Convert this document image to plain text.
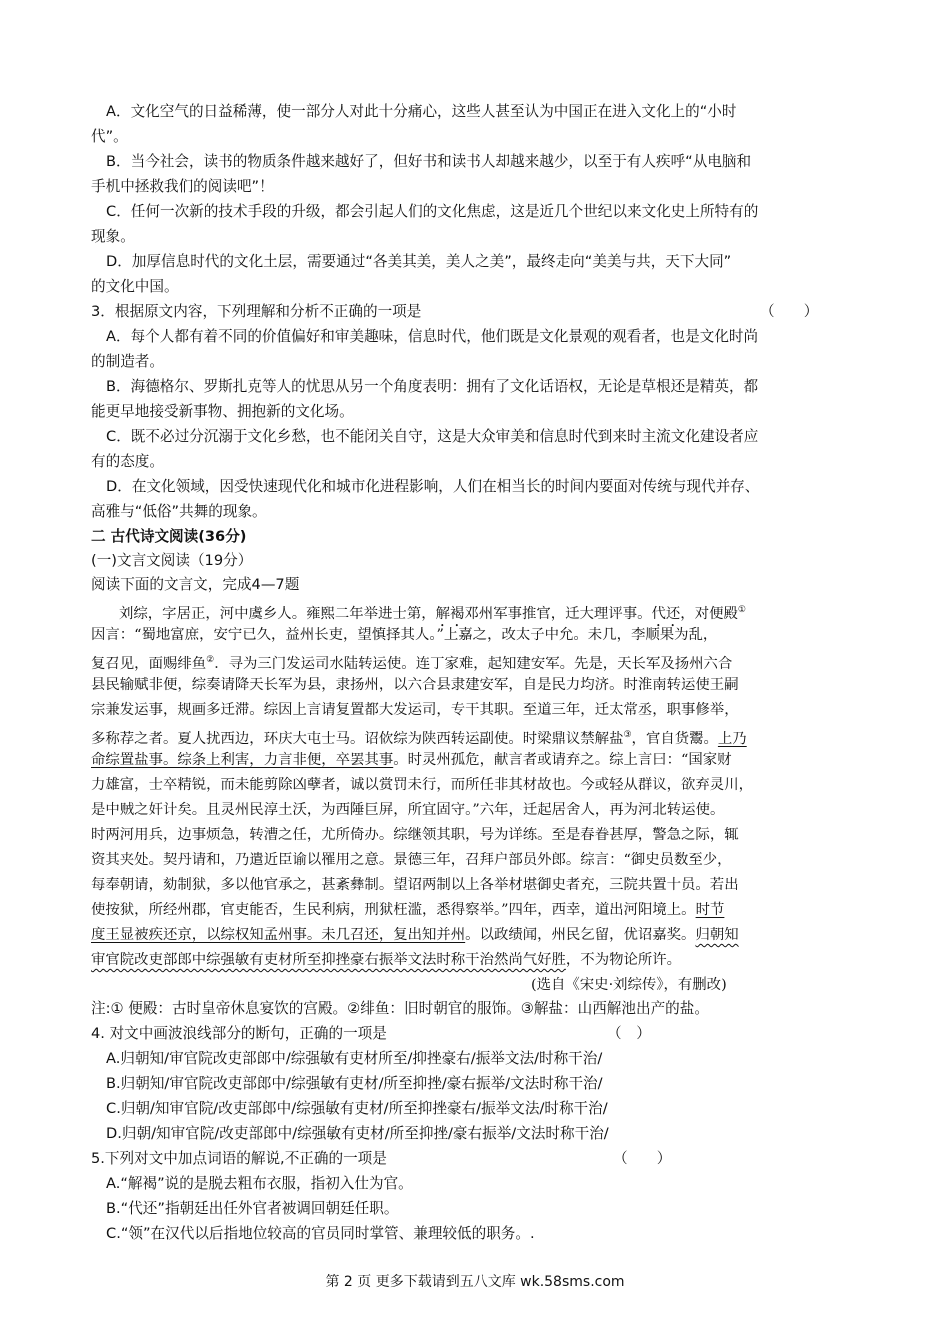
A．文化空气的日益稀薄，使一部分人对此十分痛心，这些人甚至认为中国正在进入文化上的“小时
代”。
B．当今社会，读书的物质条件越来越好了，但好书和读书人却越来越少，以至于有人疾呼“从电脑和
手机中拯救我们的阅读吧”！
C．任何一次新的技术手段的升级，都会引起人们的文化焦虑，这是近几个世纪以来文化史上所特有的
现象。
D．加厚信息时代的文化土层，需要通过“各美其美，美人之美”，最终走向“美美与共，天下大同”
的文化中国。
3．根据原文内容，下列理解和分析不正确的一项是	（　　）
A．每个人都有着不同的价值偏好和审美趣味，信息时代，他们既是文化景观的观看者，也是文化时尚
的制造者。
B．海德格尔、罗斯扎克等人的忧思从另一个角度表明：拥有了文化话语权，无论是草根还是精英，都
能更早地接受新事物、拥抱新的文化场。
C．既不必过分沉溺于文化乡愁，也不能闭关自守，这是大众审美和信息时代到来时主流文化建设者应
有的态度。
D．在文化领域，因受快速现代化和城市化进程影响，人们在相当长的时间内要面对传统与现代并存、
高雅与“低俗”共舞的现象。
二 古代诗文阅读(36分)
(一)文言文阅读（19分）
阅读下面的文言文，完成4—7题
刘综，字居正，河中虞乡人。雍熙二年举进士第，解褐邓州军事推官，迁大理评事。代还，对便殿①
因言：“蜀地富庶，安宁已久，益州长吏，望慎择其人。”上嘉之，改太子中允。未几，李顺果为乱，
复召见，面赐绯鱼②．寻为三门发运司水陆转运使。连丁家难，起知建安军。先是，天长军及扬州六合
县民输赋非便，综奏请降天长军为县，隶扬州，以六合县隶建安军，自是民力均济。时淮南转运使王嗣
宗兼发运事，规画多迁滞。综因上言请复置都大发运司，专干其职。至道三年，迁太常丞，职事修举，
多称荐之者。夏人扰西边，环庆大屯士马。诏佽综为陕西转运副使。时梁鼎议禁解盐③，官自货鬻。上乃
命综置盐事。综条上利害，力言非便，卒罢其事。时灵州孤危，献言者或请弃之。综上言曰：“国家财
力雄富，士卒精锐，而未能剪除凶孽者，诚以赏罚未行，而所任非其材故也。今或轻从群议，欲弃灵川，
是中贼之奸计矣。且灵州民淳土沃，为西陲巨屏，所宜固守。”六年，迁起居舍人，再为河北转运使。
时两河用兵，边事烦急，转漕之任，尤所倚办。综继领其职，号为详练。至是春眷甚厚，警急之际，辄
资其夹处。契丹请和，乃遣近臣谕以罹用之意。景德三年，召拜户部员外郎。综言：“御史员数至少，
每奉朝请，劾制狱，多以他官承之，甚紊彝制。望诏两制以上各举材堪御史者充，三院共置十员。若出
使按狱，所经州郡，官吏能否，生民利病，刑狱枉滥，悉得察举。”四年，西幸，道出河阳境上。时节
度王显被疾还京，以综权知孟州事。未几召还，复出知并州。以政绩闻，州民乞留，优诏嘉奖。归朝知
审官院改吏部郎中综强敏有吏材所至抑挫豪右振举文法时称干治然尚气好胜，不为物论所许。
(选自《宋史·刘综传》，有删改)
注:① 便殿：古时皇帝休息宴饮的宫殿。②绯鱼：旧时朝官的服饰。③解盐：山西解池出产的盐。
4. 对文中画波浪线部分的断句，正确的一项是	（　）
A.归朝知/审官院改吏部郎中/综强敏有吏材所至/抑挫豪右/振举文法/时称干治/
B.归朝知/审官院改吏部郎中/综强敏有吏材/所至抑挫/豪右振举/文法时称干治/
C.归朝/知审官院/改吏部郎中/综强敏有吏材/所至抑挫豪右/振举文法/时称干治/
D.归朝/知审官院/改吏部郎中/综强敏有吏材/所至抑挫/豪右振举/文法时称干治/
5.下列对文中加点词语的解说,不正确的一项是	（　　）
A.“解褐”说的是脱去粗布衣服，指初入仕为官。
B.“代还”指朝廷出任外官者被调回朝廷任职。
C.“领”在汉代以后指地位较高的官员同时掌管、兼理较低的职务。.
第 2 页 更多下载请到五八文库 wk.58sms.com
